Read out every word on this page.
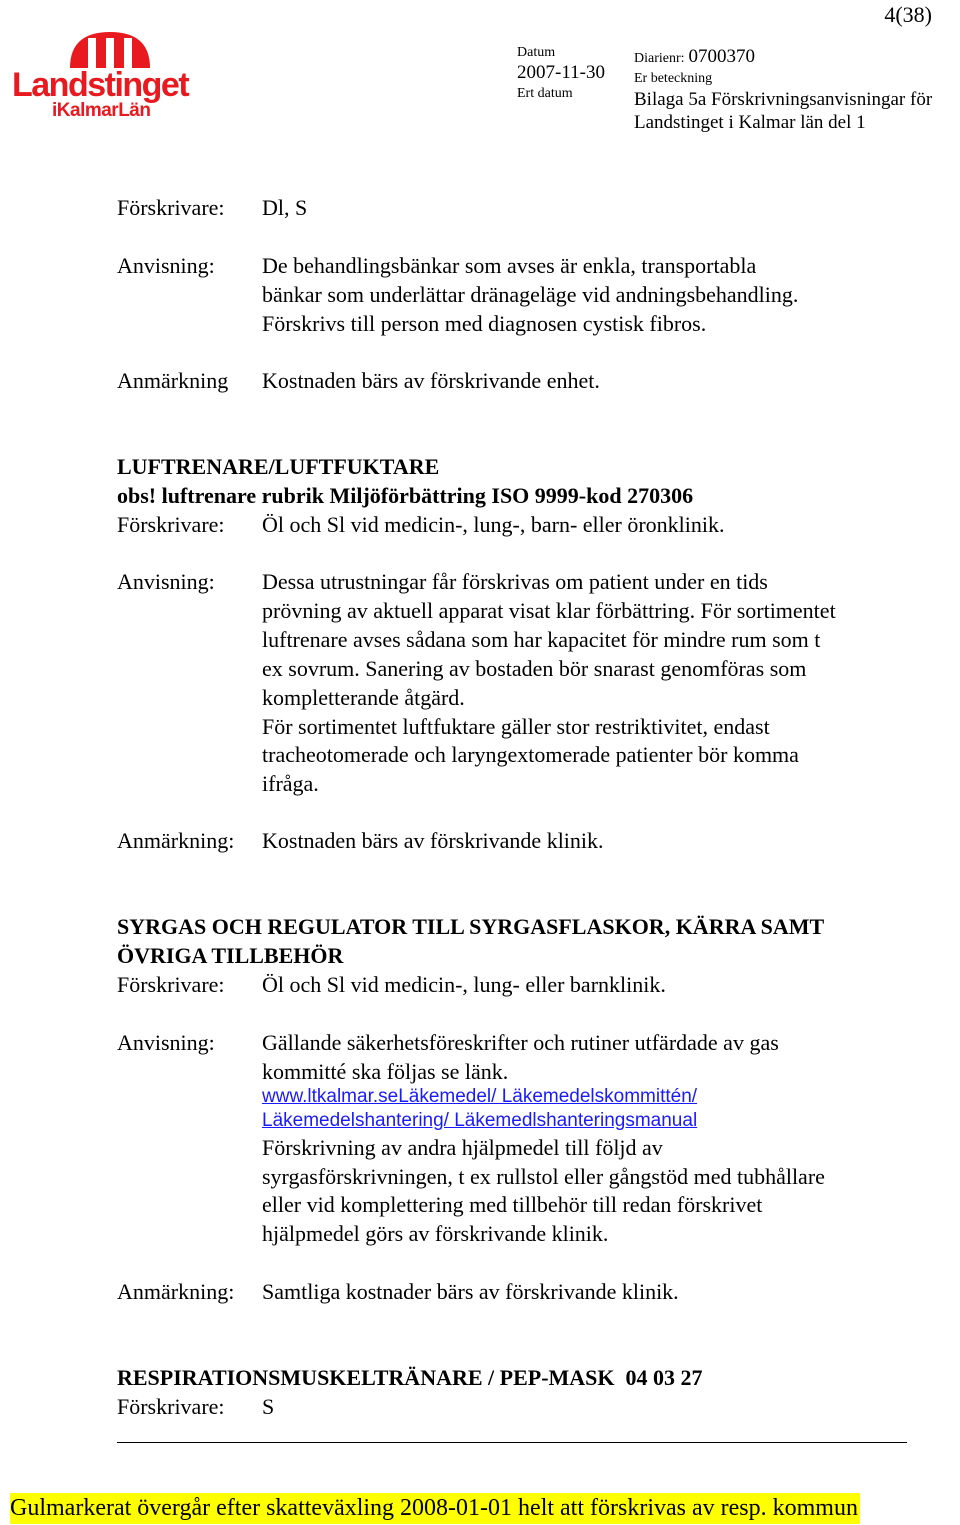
4(38)
Landstinget
iKalmarLän
Datum
2007-11-30
Ert datum
Diarienr: 0700370
Er beteckning
Bilaga 5a Förskrivningsanvisningar för
Landstinget i Kalmar län del 1
Förskrivare: Dl, S
Anvisning: De behandlingsbänkar som avses är enkla, transportabla
bänkar som underlättar dränageläge vid andningsbehandling.
Förskrivs till person med diagnosen cystisk fibros.
Anmärkning Kostnaden bärs av förskrivande enhet.
LUFTRENARE/LUFTFUKTARE
obs! luftrenare rubrik Miljöförbättring ISO 9999-kod 270306
Förskrivare: Öl och Sl vid medicin-, lung-, barn- eller öronklinik.
Anvisning: Dessa utrustningar får förskrivas om patient under en tids
prövning av aktuell apparat visat klar förbättring. För sortimentet
luftrenare avses sådana som har kapacitet för mindre rum som t
ex sovrum. Sanering av bostaden bör snarast genomföras som
kompletterande åtgärd.
För sortimentet luftfuktare gäller stor restriktivitet, endast
tracheotomerade och laryngextomerade patienter bör komma
ifråga.
Anmärkning: Kostnaden bärs av förskrivande klinik.
SYRGAS OCH REGULATOR TILL SYRGASFLASKOR, KÄRRA SAMT
ÖVRIGA TILLBEHÖR
Förskrivare: Öl och Sl vid medicin-, lung- eller barnklinik.
Anvisning: Gällande säkerhetsföreskrifter och rutiner utfärdade av gas
kommitté ska följas se länk.
www.ltkalmar.seLäkemedel/ Läkemedelskommittén/
Läkemedelshantering/ Läkemedlshanteringsmanual
Förskrivning av andra hjälpmedel till följd av
syrgasförskrivningen, t ex rullstol eller gångstöd med tubhållare
eller vid komplettering med tillbehör till redan förskrivet
hjälpmedel görs av förskrivande klinik.
Anmärkning: Samtliga kostnader bärs av förskrivande klinik.
RESPIRATIONSMUSKELTRÄNARE / PEP-MASK  04 03 27
Förskrivare: S
Gulmarkerat övergår efter skatteväxling 2008-01-01 helt att förskrivas av resp. kommun
